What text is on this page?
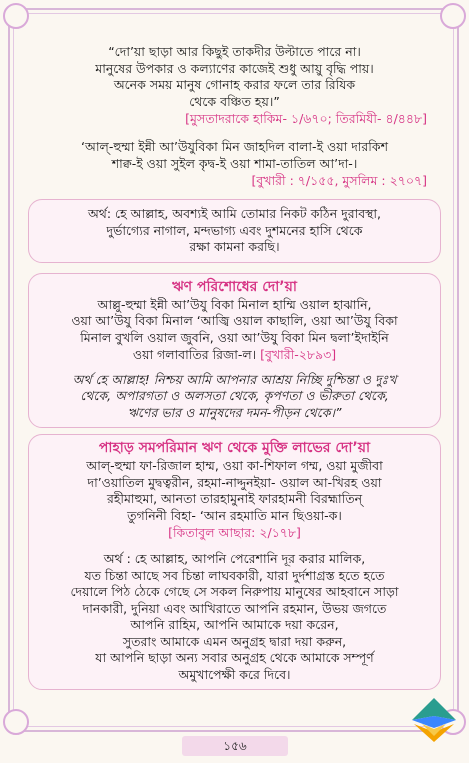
“দো’য়া ছাড়া আর কিছুই তাকদীর উল্টাতে পারে না।
মানুষের উপকার ও কল্যাণের কাজেই শুধু আয়ু বৃদ্ধি পায়।
অনেক সময় মানুষ গোনাহ করার ফলে তার রিযিক
থেকে বঞ্চিত হয়।”
[মুসতাদরাকে হাকিম- ১/৬৭০; তিরমিযী- ৪/৪৪৮]
‘আল্-হুম্মা ইন্নী আ’উযুবিকা মিন জাহদিল বালা-ই ওয়া দারকিশ
শাক্ব-ই ওয়া সুইল কৃদ্ব-ই ওয়া শামা-তাতিল আ’দা-।
[বুখারী : ৭/১৫৫, মুসলিম : ২৭০৭]
অর্থ: হে আল্লাহ, অবশ্যই আমি তোমার নিকট কঠিন দুরাবস্থা,
দুর্ভাগ্যের নাগাল, মন্দভাগ্য এবং দুশমনের হাসি থেকে
রক্ষা কামনা করছি।
ঋণ পরিশোধের দো’য়া
আল্লু-হুম্মা ইন্নী আ’উযু বিকা মিনাল হাম্মি ওয়াল হাঝানি,
ওয়া আ’উযু বিকা মিনাল ‘আজ্বি ওয়াল কাছালি, ওয়া আ’উযু বিকা
মিনাল বুখলি ওয়াল জুবনি, ওয়া আ’উযু বিকা মিন দ্বলা’ইদাইনি
ওয়া গলাবাতির রিজা-ল। [বুখারী-২৮৯৩]
অর্থ হে আল্লাহ! নিশ্চয় আমি আপনার আশ্রয় নিচ্ছি দুশ্চিন্তা ও দুঃখ
থেকে, অপারগতা ও অলসতা থেকে, কৃপণতা ও ভীরুতা থেকে,
ঋণের ভার ও মানুষদের দমন-পীড়ন থেকে।”
পাহাড় সমপরিমান ঋণ থেকে মুক্তি লাভের দো’য়া
আল্-হুম্মা ফা-রিজাল হাম্ম, ওয়া কা-শিফাল গম্ম, ওয়া মুজীবা
দা’ওয়াতিল মুদ্বত্বরীন, রহমা-নাদ্দুনইয়া- ওয়াল আ-খিরহ ওয়া
রহীমাহুমা, আনতা তারহামুনাই ফারহামনী বিরহ্মাতিন্
তুগনিনী বিহা- ‘আন রহমাতি মান ছিওয়া-ক।
[কিতাবুল আছার: ২/১৭৮]
অর্থ : হে আল্লাহ, আপনি পেরেশানি দূর করার মালিক,
যত চিন্তা আছে সব চিন্তা লাঘবকারী, যারা দুর্দশাগ্রস্ত হতে হতে
দেয়ালে পিঠ ঠেকে গেছে সে সকল নিরুপায় মানুষের আহবানে সাড়া
দানকারী, দুনিয়া এবং আখিরাতে আপনি রহমান, উভয় জগতে
আপনি রাহিম, আপনি আমাকে দয়া করেন,
সুতরাং আমাকে এমন অনুগ্রহ দ্বারা দয়া করুন,
যা আপনি ছাড়া অন্য সবার অনুগ্রহ থেকে আমাকে সম্পূর্ণ
অমুখাপেক্ষী করে দিবে।
১৫৬
